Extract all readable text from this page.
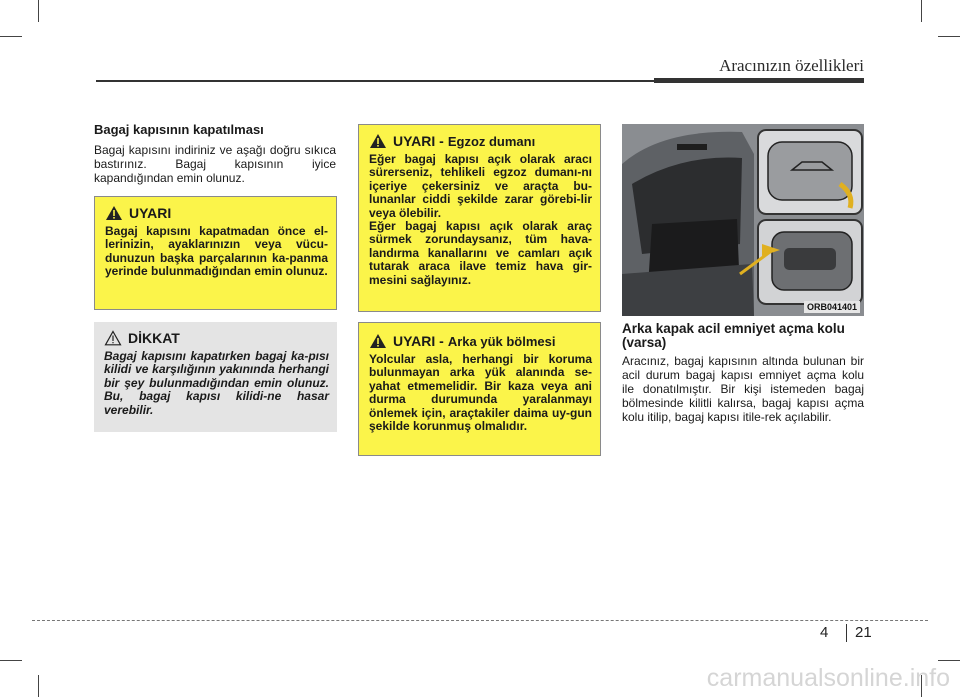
Aracınızın özellikleri

Bagaj kapısının kapatılması

Bagaj kapısını indiriniz ve aşağı doğru sıkıca bastırınız. Bagaj kapısının iyice kapandığından emin olunuz.

UYARI

Bagaj kapısını kapatmadan önce el-lerinizin, ayaklarınızın veya vücu-dunuzun başka parçalarının ka-panma yerinde bulunmadığından emin olunuz.

DİKKAT

Bagaj kapısını kapatırken bagaj ka-pısı kilidi ve karşılığının yakınında herhangi bir şey bulunmadığından emin olunuz. Bu, bagaj kapısı kilidi-ne hasar verebilir.

UYARI - Egzoz dumanı

Eğer bagaj kapısı açık olarak aracı sürerseniz, tehlikeli egzoz dumanı-nı içeriye çekersiniz ve araçta bu-lunanlar ciddi şekilde zarar görebi-lir veya ölebilir.

Eğer bagaj kapısı açık olarak araç sürmek zorundaysanız, tüm hava-landırma kanallarını ve camları açık tutarak araca ilave temiz hava gir-mesini sağlayınız.

UYARI - Arka yük bölmesi

Yolcular asla, herhangi bir koruma bulunmayan arka yük alanında se-yahat etmemelidir. Bir kaza veya ani durma durumunda yaralanmayı önlemek için, araçtakiler daima uy-gun şekilde korunmuş olmalıdır.

ORB041401

Arka kapak acil emniyet açma kolu (varsa)

Aracınız, bagaj kapısının altında bulunan bir acil durum bagaj kapısı emniyet açma kolu ile donatılmıştır. Bir kişi istemeden bagaj bölmesinde kilitli kalırsa, bagaj kapısı açma kolu itilip, bagaj kapısı itile-rek açılabilir.

4 21
carmanualsonline.info
